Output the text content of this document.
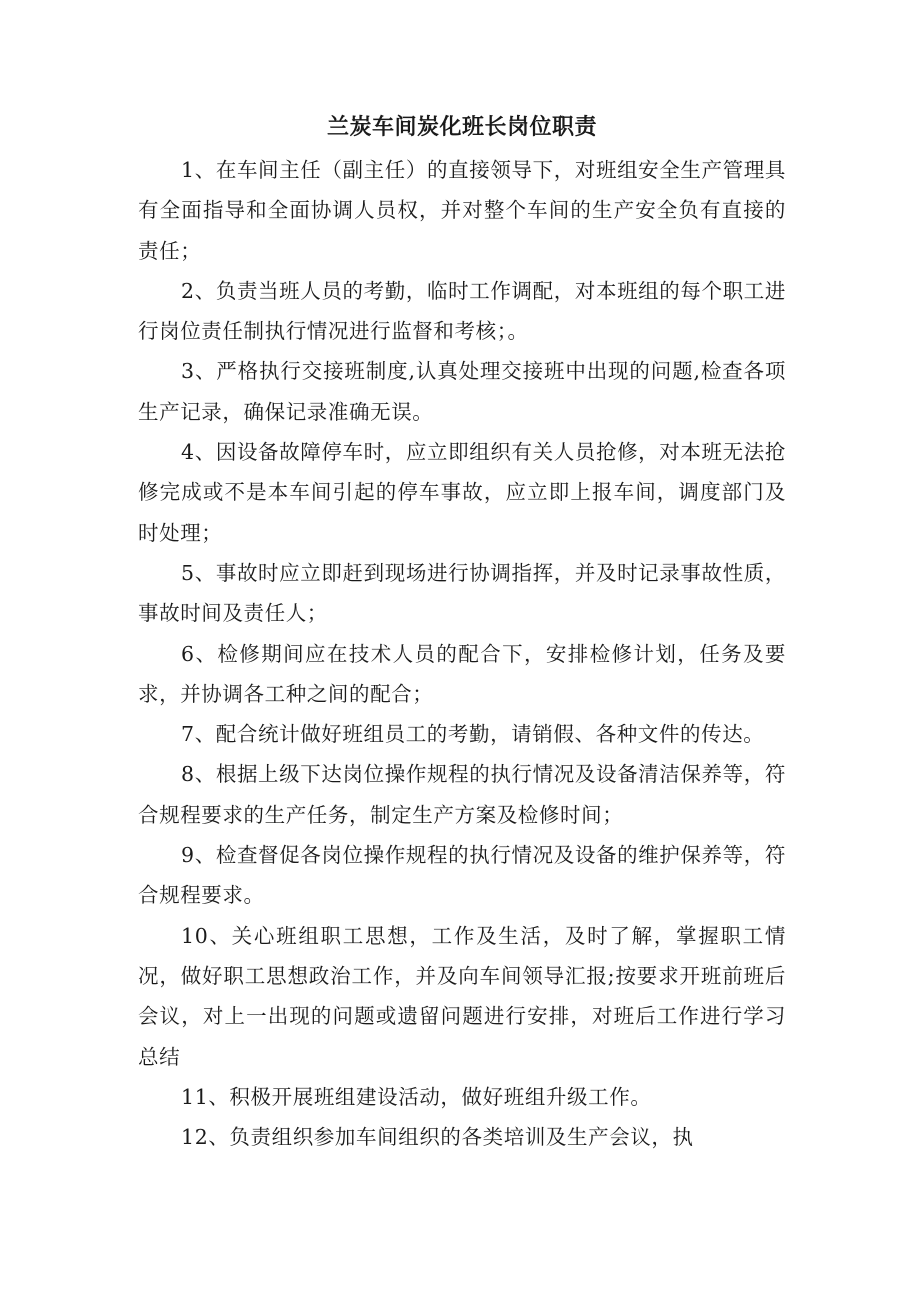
兰炭车间炭化班长岗位职责

1、在车间主任（副主任）的直接领导下，对班组安全生产管理具有全面指导和全面协调人员权，并对整个车间的生产安全负有直接的责任；

2、负责当班人员的考勤，临时工作调配，对本班组的每个职工进行岗位责任制执行情况进行监督和考核；。

3、严格执行交接班制度,认真处理交接班中出现的问题,检查各项生产记录，确保记录准确无误。

4、因设备故障停车时，应立即组织有关人员抢修，对本班无法抢修完成或不是本车间引起的停车事故，应立即上报车间，调度部门及时处理；

5、事故时应立即赶到现场进行协调指挥，并及时记录事故性质，事故时间及责任人；

6、检修期间应在技术人员的配合下，安排检修计划，任务及要求，并协调各工种之间的配合；

7、配合统计做好班组员工的考勤，请销假、各种文件的传达。

8、根据上级下达岗位操作规程的执行情况及设备清洁保养等，符合规程要求的生产任务，制定生产方案及检修时间；

9、检查督促各岗位操作规程的执行情况及设备的维护保养等，符合规程要求。

10、关心班组职工思想，工作及生活，及时了解，掌握职工情况，做好职工思想政治工作，并及向车间领导汇报;按要求开班前班后会议，对上一出现的问题或遗留问题进行安排，对班后工作进行学习总结

11、积极开展班组建设活动，做好班组升级工作。

12、负责组织参加车间组织的各类培训及生产会议，执
